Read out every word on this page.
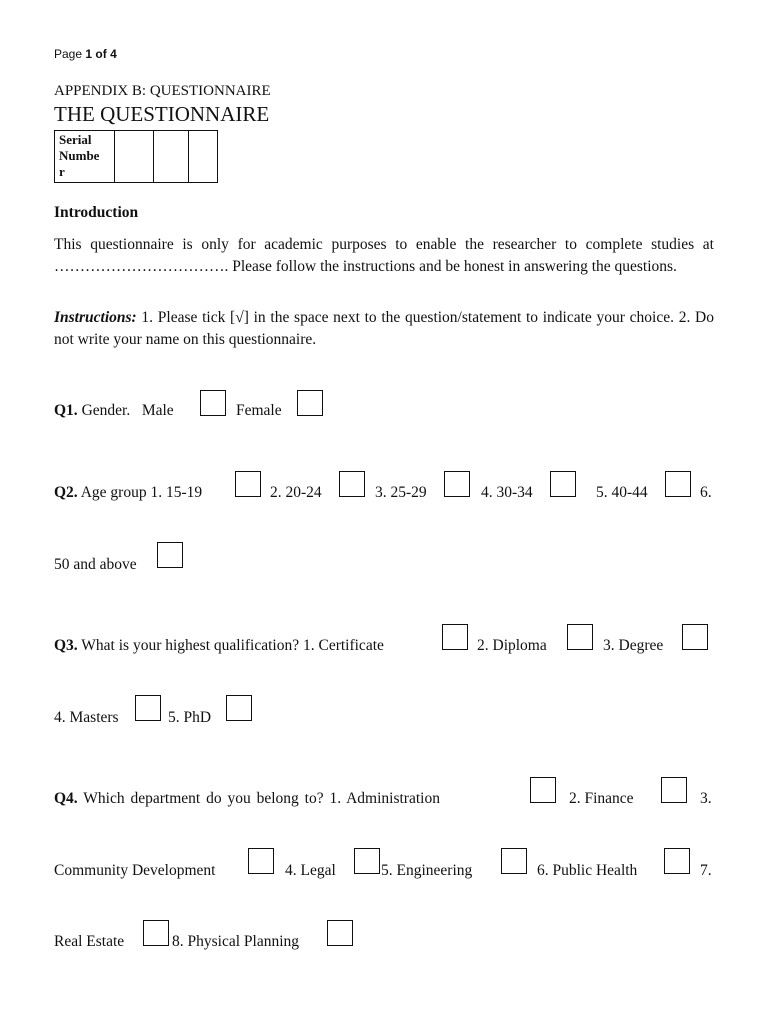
Page 1 of 4
APPENDIX B: QUESTIONNAIRE
THE QUESTIONNAIRE
Serial
Numbe
r

Introduction
This questionnaire is only for academic purposes to enable the researcher to complete studies at ……………………………. Please follow the instructions and be honest in answering the questions.
Instructions: 1. Please tick [√] in the space next to the question/statement to indicate your choice. 2. Do not write your name on this questionnaire.
Q1. Gender. Male	Female
Q2. Age group 1. 15-19	2. 20-24	3. 25-29	4. 30-34	5. 40-44	6.
50 and above
Q3. What is your highest qualification? 1. Certificate	2. Diploma	3. Degree
4. Masters	5. PhD
Q4. Which department do you belong to? 1. Administration	2. Finance	3.
Community Development	4. Legal	5. Engineering	6. Public Health	7.
Real Estate	8. Physical Planning
